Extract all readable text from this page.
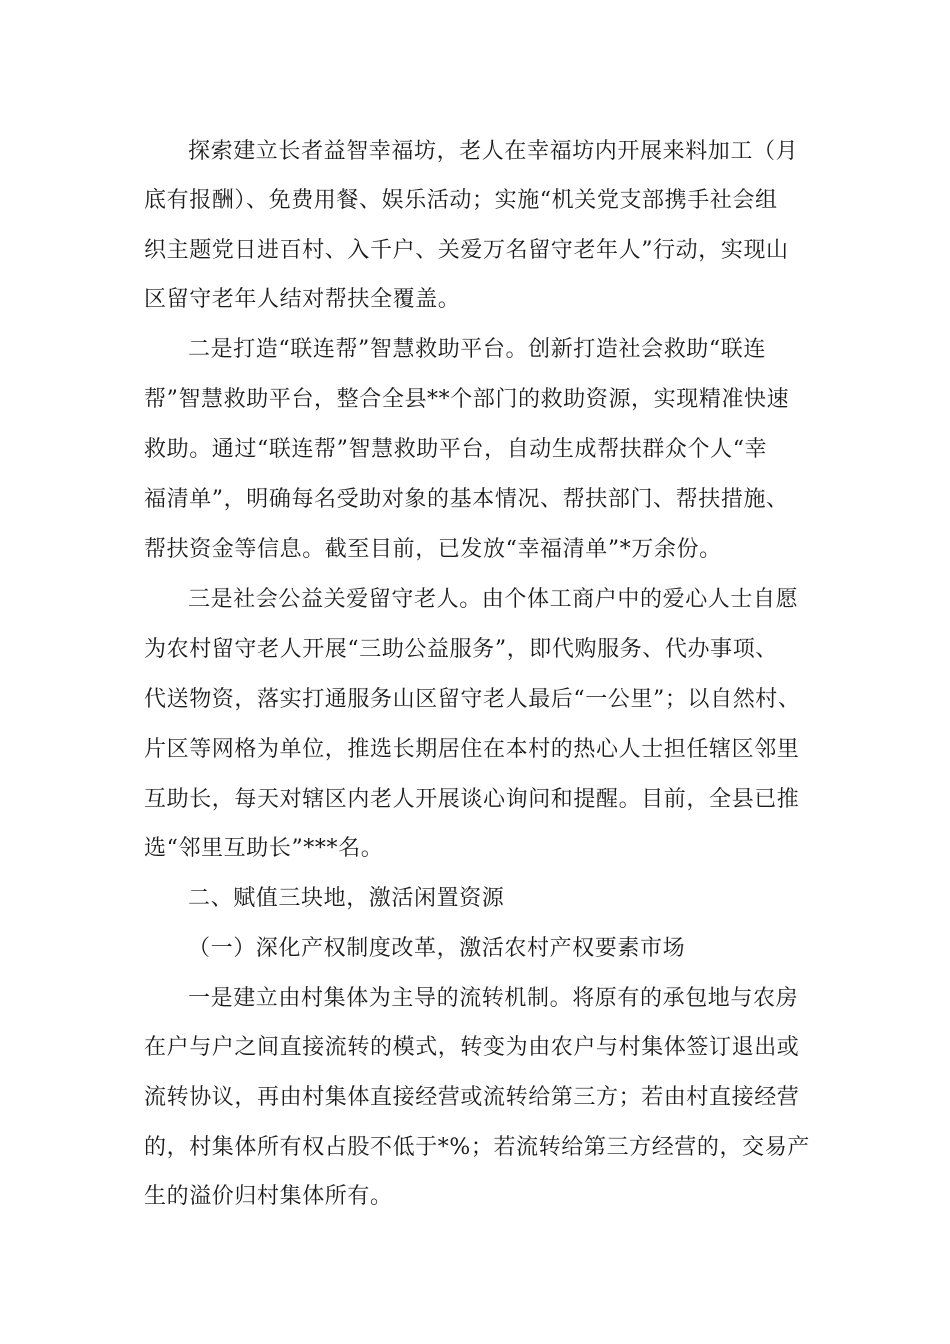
探索建立长者益智幸福坊，老人在幸福坊内开展来料加工（月
底有报酬）、免费用餐、娱乐活动；实施“机关党支部携手社会组
织主题党日进百村、入千户、关爱万名留守老年人”行动，实现山
区留守老年人结对帮扶全覆盖。
二是打造“联连帮”智慧救助平台。创新打造社会救助“联连
帮”智慧救助平台，整合全县**个部门的救助资源，实现精准快速
救助。通过“联连帮”智慧救助平台，自动生成帮扶群众个人“幸
福清单”，明确每名受助对象的基本情况、帮扶部门、帮扶措施、
帮扶资金等信息。截至目前，已发放“幸福清单”*万余份。
三是社会公益关爱留守老人。由个体工商户中的爱心人士自愿
为农村留守老人开展“三助公益服务”，即代购服务、代办事项、
代送物资，落实打通服务山区留守老人最后“一公里”；以自然村、
片区等网格为单位，推选长期居住在本村的热心人士担任辖区邻里
互助长，每天对辖区内老人开展谈心询问和提醒。目前，全县已推
选“邻里互助长”***名。
二、赋值三块地，激活闲置资源
（一）深化产权制度改革，激活农村产权要素市场
一是建立由村集体为主导的流转机制。将原有的承包地与农房
在户与户之间直接流转的模式，转变为由农户与村集体签订退出或
流转协议，再由村集体直接经营或流转给第三方；若由村直接经营
的，村集体所有权占股不低于*%；若流转给第三方经营的，交易产
生的溢价归村集体所有。
